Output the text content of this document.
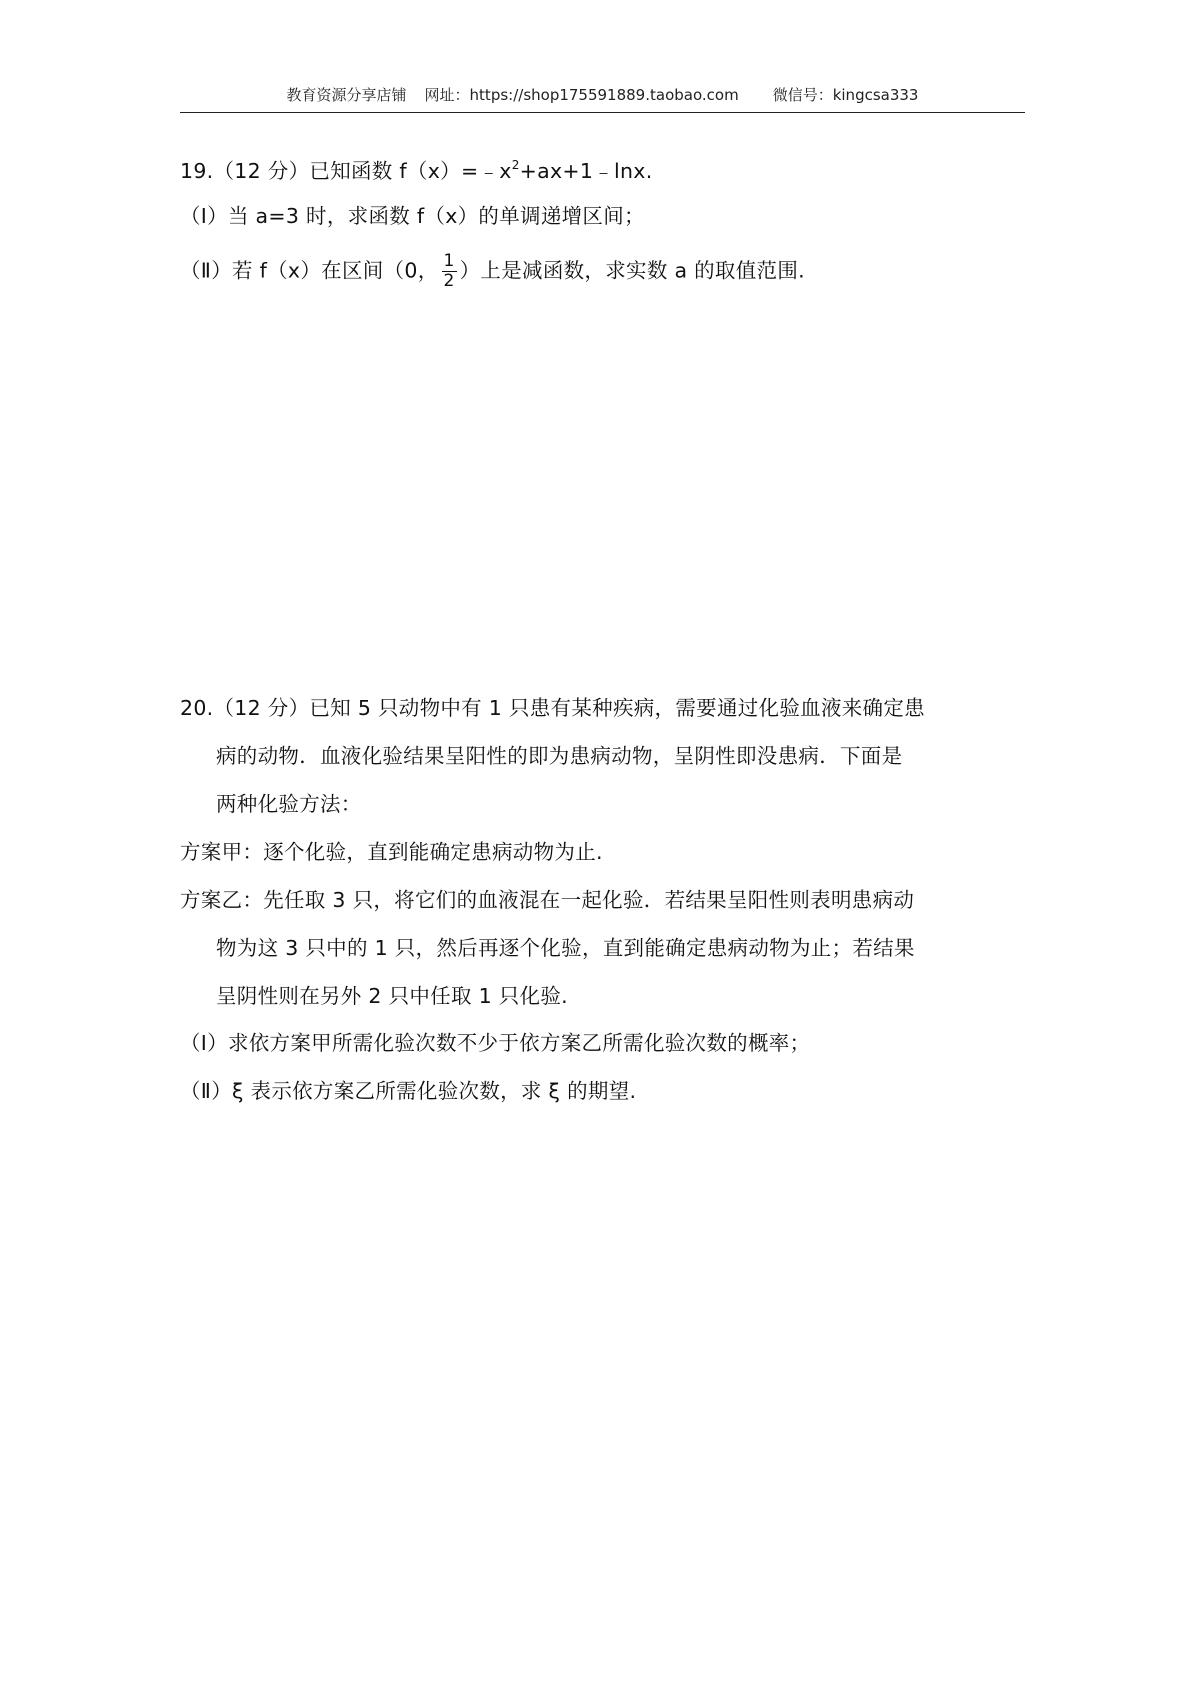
教育资源分享店铺 网址：https://shop175591889.taobao.com 微信号：kingcsa333
19.（12 分）已知函数 $f(x)=﹣x^2+ax+1﹣\ln x$.
（Ⅰ）当 a=3 时，求函数 f（x）的单调递增区间；
（Ⅱ）若 f（x）在区间（0， $\frac{1}{2}$ ）上是减函数，求实数 a 的取值范围.
20.（12 分）已知 5 只动物中有 1 只患有某种疾病，需要通过化验血液来确定患
病的动物．血液化验结果呈阳性的即为患病动物，呈阴性即没患病．下面是
两种化验方法：
方案甲：逐个化验，直到能确定患病动物为止.
方案乙：先任取 3 只，将它们的血液混在一起化验．若结果呈阳性则表明患病动
物为这 3 只中的 1 只，然后再逐个化验，直到能确定患病动物为止；若结果
呈阴性则在另外 2 只中任取 1 只化验.
（Ⅰ）求依方案甲所需化验次数不少于依方案乙所需化验次数的概率；
（Ⅱ）ξ 表示依方案乙所需化验次数，求 ξ 的期望.
